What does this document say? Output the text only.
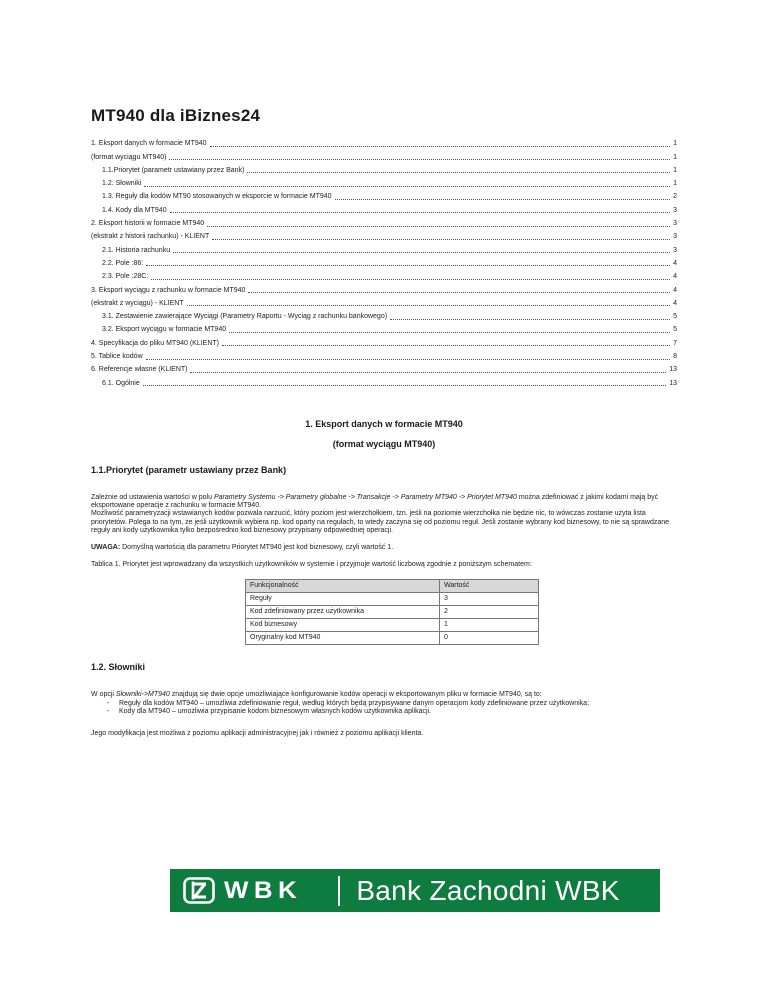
MT940 dla iBiznes24
1. Eksport danych w formacie MT940	1
(format wyciągu MT940)	1
1.1.Priorytet (parametr ustawiany przez Bank)	1
1.2. Słowniki	1
1.3. Reguły dla kodów MT90 stosowanych w eksporcie w formacie MT940	2
1.4. Kody dla MT940	3
2. Eksport historii w formacie MT940	3
(ekstrakt z historii rachunku) - KLIENT	3
2.1. Historia rachunku	3
2.2. Pole :86:	4
2.3. Pole :28C:	4
3. Eksport wyciągu z rachunku w formacie MT940	4
(ekstrakt z wyciągu) - KLIENT	4
3.1. Zestawienie zawierające Wyciągi (Parametry Raportu - Wyciąg z rachunku bankowego)	5
3.2. Eksport wyciągu w formacie MT940	5
4. Specyfikacja do pliku MT940 (KLIENT)	7
5. Tablice kodów	8
6. Referencje własne (KLIENT)	13
6.1. Ogólnie	13
1. Eksport danych w formacie MT940
(format wyciągu MT940)
1.1.Priorytet (parametr ustawiany przez Bank)
Zależnie od ustawienia wartości w polu Parametry Systemu -> Parametry globalne -> Transakcje -> Parametry MT940 -> Priorytet MT940 można zdefiniować z jakimi kodami mają być eksportowane operacje z rachunku w formacie MT940.
Możliwość parametryzacji wstawianych kodów pozwala narzucić, który poziom jest wierzchołkiem, tzn. jeśli na poziomie wierzchołka nie będzie nic, to wówczas zostanie użyta lista priorytetów. Polega to na tym, że jeśli użytkownik wybiera np. kod oparty na regułach, to wtedy zaczyna się od poziomu reguł. Jeśli zostanie wybrany kod biznesowy, to nie są sprawdzane reguły ani kody użytkownika tylko bezpośrednio kod biznesowy przypisany odpowiedniej operacji.
UWAGA: Domyślną wartością dla parametru Priorytet MT940 jest kod biznesowy, czyli wartość 1.
Tablica 1. Priorytet jest wprowadzany dla wszystkich użytkowników w systemie i przyjmuje wartość liczbową zgodnie z poniższym schematem:
Funkcjonalność	Wartość
Reguły	3
Kod zdefiniowany przez użytkownika	2
Kod biznesowy	1
Oryginalny kod MT940	0
1.2. Słowniki
W opcji Słowniki->MT940 znajdują się dwie opcje umożliwiające konfigurowanie kodów operacji w eksportowanym pliku w formacie MT940, są to:
-	Reguły dla kodów MT940 – umożliwia zdefiniowanie reguł, według których będą przypisywane danym operacjom kody zdefiniowane przez użytkownika;
-	Kody dla MT940 – umożliwia przypisanie kodom biznesowym własnych kodów użytkownika aplikacji.
Jego modyfikacja jest możliwa z poziomu aplikacji administracyjnej jak i również z poziomu aplikacji klienta.
WBK Bank Zachodni WBK
